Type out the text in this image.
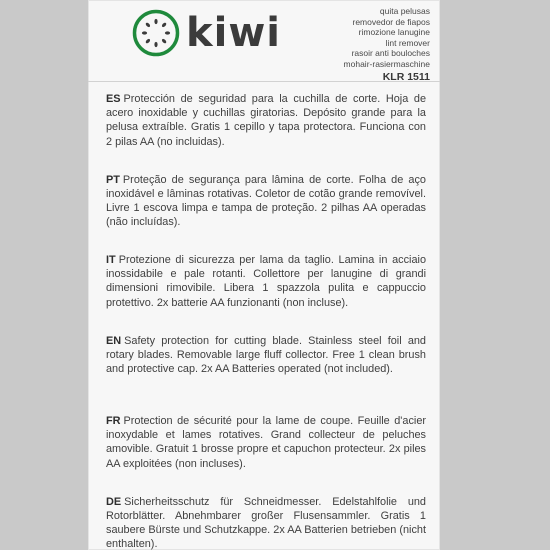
kiwi	quita pelusas
removedor de fiapos
rimozione lanugine
lint remover
rasoir anti bouloches
mohair-rasiermaschine
KLR 1511

ES Protección de seguridad para la cuchilla de corte. Hoja de acero inoxidable y cuchillas giratorias. Depósito grande para la pelusa extraíble. Gratis 1 cepillo y tapa protectora. Funciona con 2 pilas AA (no incluidas).

PT Proteção de segurança para lâmina de corte. Folha de aço inoxidável e lâminas rotativas. Coletor de cotão grande removível. Livre 1 escova limpa e tampa de proteção. 2 pilhas AA operadas (não incluídas).

IT Protezione di sicurezza per lama da taglio. Lamina in acciaio inossidabile e pale rotanti. Collettore per lanugine di grandi dimensioni rimovibile. Libera 1 spazzola pulita e cappuccio protettivo. 2x batterie AA funzionanti (non incluse).

EN Safety protection for cutting blade. Stainless steel foil and rotary blades. Removable large fluff collector. Free 1 clean brush and protective cap. 2x AA Batteries operated (not included).

FR Protection de sécurité pour la lame de coupe. Feuille d'acier inoxydable et lames rotatives. Grand collecteur de peluches amovible. Gratuit 1 brosse propre et capuchon protecteur. 2x piles AA exploitées (non incluses).

DE Sicherheitsschutz für Schneidmesser. Edelstahlfolie und Rotorblätter. Abnehmbarer großer Flusensammler. Gratis 1 saubere Bürste und Schutzkappe. 2x AA Batterien betrieben (nicht enthalten).
